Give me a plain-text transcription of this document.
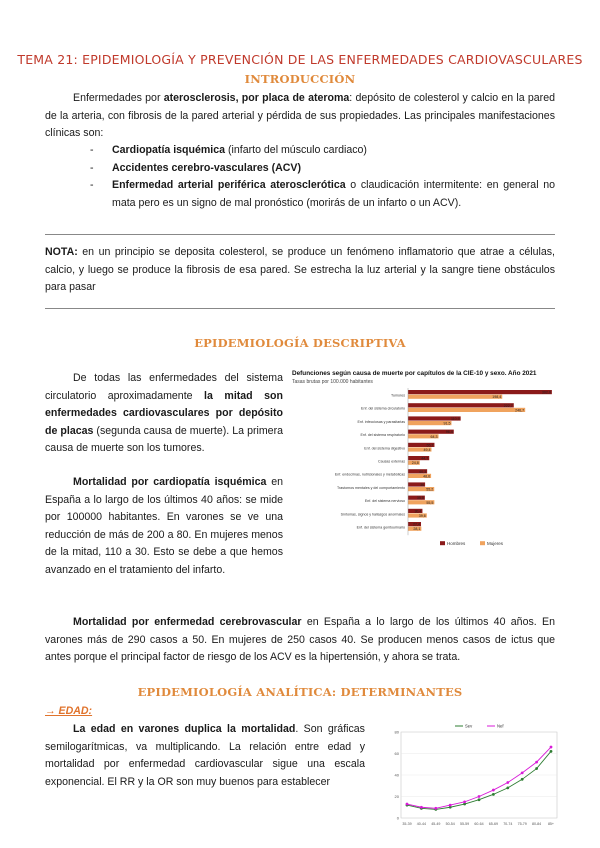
TEMA 21: EPIDEMIOLOGÍA Y PREVENCIÓN DE LAS ENFERMEDADES CARDIOVASCULARES
INTRODUCCIÓN
Enfermedades por aterosclerosis, por placa de ateroma: depósito de colesterol y calcio en la pared de la arteria, con fibrosis de la pared arterial y pérdida de sus propiedades. Las principales manifestaciones clínicas son:
- Cardiopatía isquémica (infarto del músculo cardiaco)
- Accidentes cerebro-vasculares (ACV)
- Enfermedad arterial periférica aterosclerótica o claudicación intermitente: en general no mata pero es un signo de mal pronóstico (morirás de un infarto o un ACV).
NOTA: en un principio se deposita colesterol, se produce un fenómeno inflamatorio que atrae a células, calcio, y luego se produce la fibrosis de esa pared. Se estrecha la luz arterial y la sangre tiene obstáculos para pasar
EPIDEMIOLOGÍA DESCRIPTIVA
De todas las enfermedades del sistema circulatorio aproximadamente la mitad son enfermedades cardiovasculares por depósito de placas (segunda causa de muerte). La primera causa de muerte son los tumores.
Mortalidad por cardiopatía isquémica en España a lo largo de los últimos 40 años: se mide por 100000 habitantes. En varones se ve una reducción de más de 200 a 80. En mujeres menos de la mitad, 110 a 30. Esto se debe a que hemos avanzado en el tratamiento del infarto.
Defunciones según causa de muerte por capítulos de la CIE-10 y sexo. Año 2021
Tasas brutas por 100.000 habitantes
Tumores
302,9
198,4
Enf. del sistema circulatorio
222,7
246,7
Enf. infecciosas y parasitarias
110,9
91,5
Enf. del sistema respiratorio
96,4
64,3
Enf. del sistema digestivo
55,7
49,4
Causas externas
44,7
24,8
Enf. endocrinas, nutricionales y metabólicas
40,3
48,6
Trastornos mentales y del comportamiento
36
55,2
Enf. del sistema nervioso
35,5
55,5
Síntomas, signos y hallazgos anormales
30,4
39,6
Enf. del sistema genitourinario
27,4
28,1
Hombres	Mujeres
Mortalidad por enfermedad cerebrovascular en España a lo largo de los últimos 40 años. En varones más de 290 casos a 50. En mujeres de 250 casos 40. Se producen menos casos de ictus que antes porque el principal factor de riesgo de los ACV es la hipertensión, y ahora se trata.
EPIDEMIOLOGÍA ANALÍTICA: DETERMINANTES
→ EDAD:
La edad en varones duplica la mortalidad. Son gráficas semilogarítmicas, va multiplicando. La relación entre edad y mortalidad por enfermedad cardiovascular sigue una escala exponencial. El RR y la OR son muy buenos para establecer
0
20
40
60
80
35-39 40-44 45-49 50-54 55-59 60-64 65-69 70-74 75-79 80-84 85+
Sev	Nef
